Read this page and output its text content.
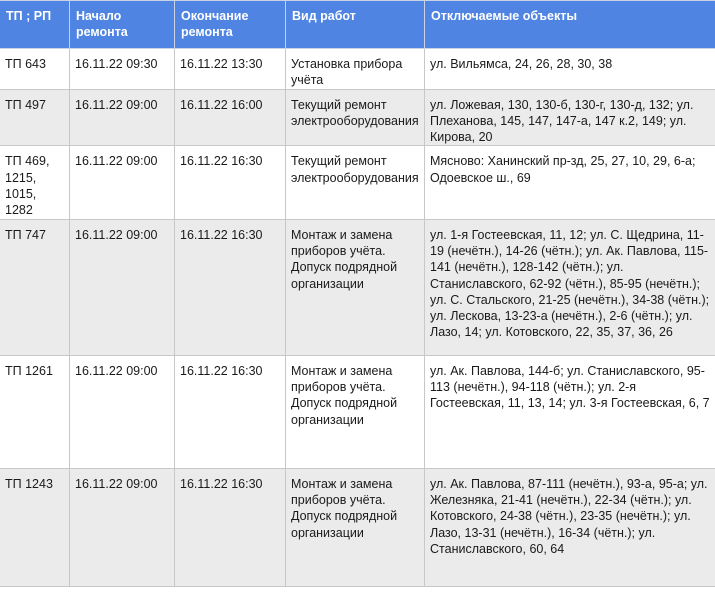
ТП ; РП	Начало ремонта	Окончание ремонта	Вид работ	Отключаемые объекты
ТП 643	16.11.22 09:30	16.11.22 13:30	Установка прибора учёта	ул. Вильямса, 24, 26, 28, 30, 38
ТП 497	16.11.22 09:00	16.11.22 16:00	Текущий ремонт электрооборудования	ул. Ложевая, 130, 130-б, 130-г, 130-д, 132; ул. Плеханова, 145, 147, 147-а, 147 к.2, 149; ул. Кирова, 20
ТП 469, 1215, 1015, 1282	16.11.22 09:00	16.11.22 16:30	Текущий ремонт электрооборудования	Мясново: Ханинский пр-зд, 25, 27, 10, 29, 6-а; Одоевское ш., 69
ТП 747	16.11.22 09:00	16.11.22 16:30	Монтаж и замена приборов учёта. Допуск подрядной организации	ул. 1-я Гостеевская, 11, 12; ул. С. Щедрина, 11-19 (нечётн.), 14-26 (чётн.); ул. Ак. Павлова, 115-141 (нечётн.), 128-142 (чётн.); ул. Станиславского, 62-92 (чётн.), 85-95 (нечётн.); ул. С. Стальского, 21-25 (нечётн.), 34-38 (чётн.); ул. Лескова, 13-23-а (нечётн.), 2-6 (чётн.); ул. Лазо, 14; ул. Котовского, 22, 35, 37, 36, 26
ТП 1261	16.11.22 09:00	16.11.22 16:30	Монтаж и замена приборов учёта. Допуск подрядной организации	ул. Ак. Павлова, 144-б; ул. Станиславского, 95-113 (нечётн.), 94-118 (чётн.); ул. 2-я Гостеевская, 11, 13, 14; ул. 3-я Гостеевская, 6, 7
ТП 1243	16.11.22 09:00	16.11.22 16:30	Монтаж и замена приборов учёта. Допуск подрядной организации	ул. Ак. Павлова, 87-111 (нечётн.), 93-а, 95-а; ул. Железняка, 21-41 (нечётн.), 22-34 (чётн.); ул. Котовского, 24-38 (чётн.), 23-35 (нечётн.); ул. Лазо, 13-31 (нечётн.), 16-34 (чётн.); ул. Станиславского, 60, 64
